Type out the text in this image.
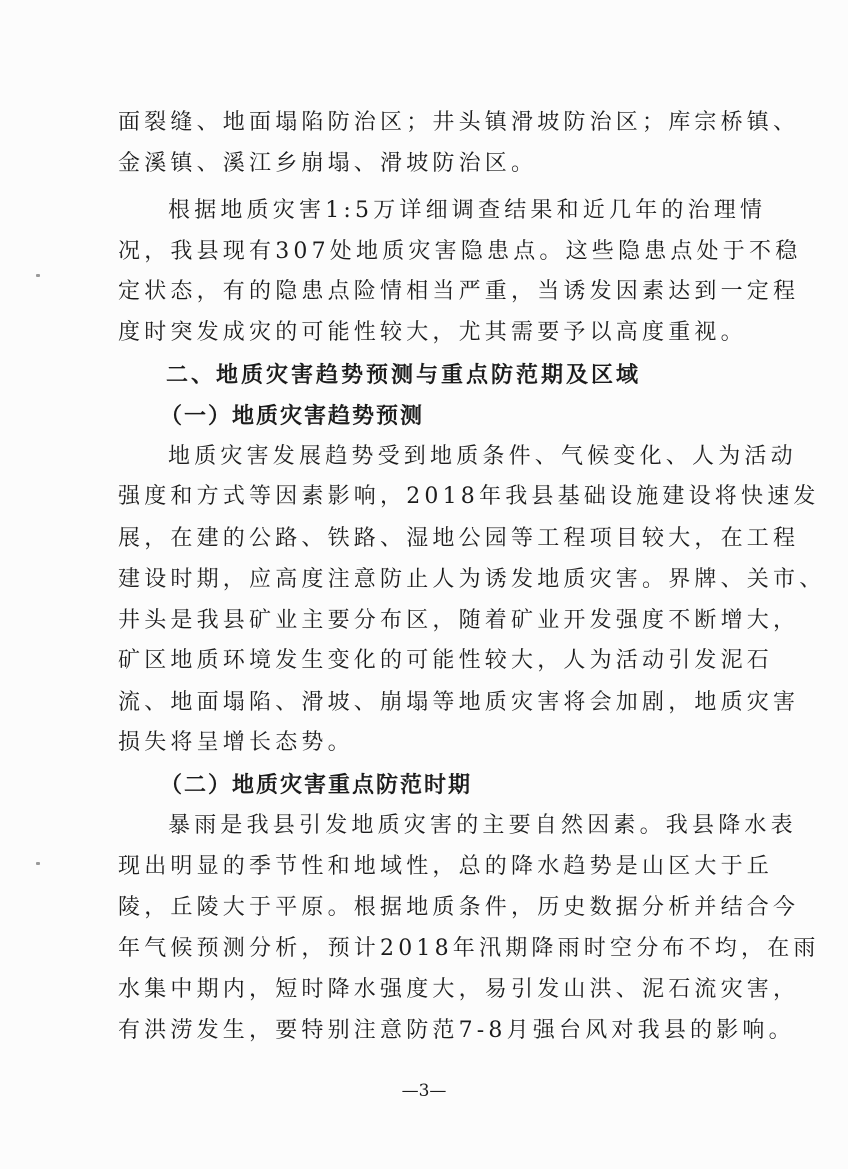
面裂缝、地面塌陷防治区；井头镇滑坡防治区；库宗桥镇、
金溪镇、溪江乡崩塌、滑坡防治区。
根据地质灾害1:5万详细调查结果和近几年的治理情
况，我县现有307处地质灾害隐患点。这些隐患点处于不稳
定状态，有的隐患点险情相当严重，当诱发因素达到一定程
度时突发成灾的可能性较大，尤其需要予以高度重视。
二、地质灾害趋势预测与重点防范期及区域
（一）地质灾害趋势预测
地质灾害发展趋势受到地质条件、气候变化、人为活动
强度和方式等因素影响，2018年我县基础设施建设将快速发
展，在建的公路、铁路、湿地公园等工程项目较大，在工程
建设时期，应高度注意防止人为诱发地质灾害。界牌、关市、
井头是我县矿业主要分布区，随着矿业开发强度不断增大，
矿区地质环境发生变化的可能性较大，人为活动引发泥石
流、地面塌陷、滑坡、崩塌等地质灾害将会加剧，地质灾害
损失将呈增长态势。
（二）地质灾害重点防范时期
暴雨是我县引发地质灾害的主要自然因素。我县降水表
现出明显的季节性和地域性，总的降水趋势是山区大于丘
陵，丘陵大于平原。根据地质条件，历史数据分析并结合今
年气候预测分析，预计2018年汛期降雨时空分布不均，在雨
水集中期内，短时降水强度大，易引发山洪、泥石流灾害，
有洪涝发生，要特别注意防范7-8月强台风对我县的影响。
—3—
